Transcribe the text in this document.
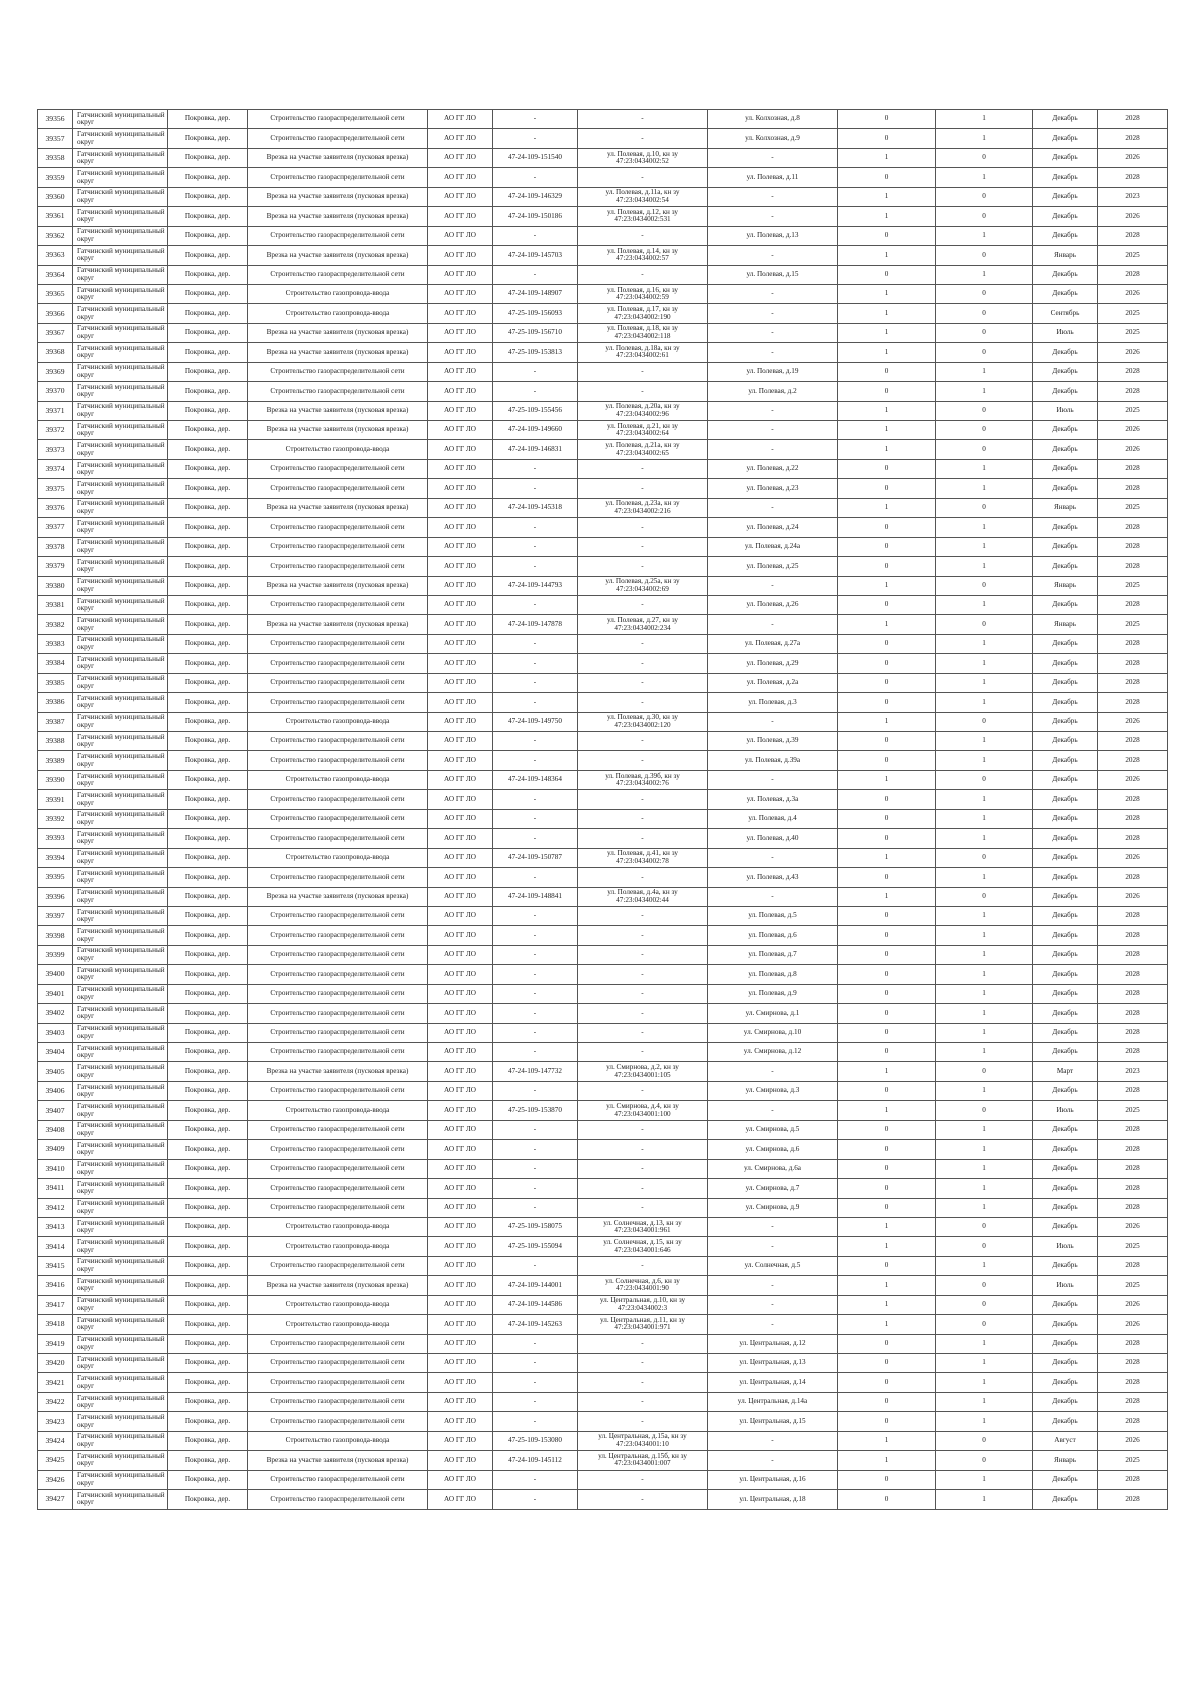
39356	Гатчинский муниципальный округ	Покровка, дер.	Строительство газораспределительной сети	АО ГГ ЛО	-	-	ул. Колхозная, д.8	0	1	Декабрь	2028
39357	Гатчинский муниципальный округ	Покровка, дер.	Строительство газораспределительной сети	АО ГГ ЛО	-	-	ул. Колхозная, д.9	0	1	Декабрь	2028
39358	Гатчинский муниципальный округ	Покровка, дер.	Врезка на участке заявителя (пусковая врезка)	АО ГГ ЛО	47-24-109-151540	ул. Полевая, д.10, кн зу
47:23:0434002:52	-	1	0	Декабрь	2026
39359	Гатчинский муниципальный округ	Покровка, дер.	Строительство газораспределительной сети	АО ГГ ЛО	-	-	ул. Полевая, д.11	0	1	Декабрь	2028
39360	Гатчинский муниципальный округ	Покровка, дер.	Врезка на участке заявителя (пусковая врезка)	АО ГГ ЛО	47-24-109-146329	ул. Полевая, д.11а, кн зу
47:23:0434002:54	-	1	0	Декабрь	2023
39361	Гатчинский муниципальный округ	Покровка, дер.	Врезка на участке заявителя (пусковая врезка)	АО ГГ ЛО	47-24-109-150186	ул. Полевая, д.12, кн зу
47:23:0434002:531	-	1	0	Декабрь	2026
39362	Гатчинский муниципальный округ	Покровка, дер.	Строительство газораспределительной сети	АО ГГ ЛО	-	-	ул. Полевая, д.13	0	1	Декабрь	2028
39363	Гатчинский муниципальный округ	Покровка, дер.	Врезка на участке заявителя (пусковая врезка)	АО ГГ ЛО	47-24-109-145703	ул. Полевая, д.14, кн зу
47:23:0434002:57	-	1	0	Январь	2025
39364	Гатчинский муниципальный округ	Покровка, дер.	Строительство газораспределительной сети	АО ГГ ЛО	-	-	ул. Полевая, д.15	0	1	Декабрь	2028
39365	Гатчинский муниципальный округ	Покровка, дер.	Строительство газопровода-ввода	АО ГГ ЛО	47-24-109-148907	ул. Полевая, д.16, кн зу
47:23:0434002:59	-	1	0	Декабрь	2026
39366	Гатчинский муниципальный округ	Покровка, дер.	Строительство газопровода-ввода	АО ГГ ЛО	47-25-109-156093	ул. Полевая, д.17, кн зу
47:23:0434002:190	-	1	0	Сентябрь	2025
39367	Гатчинский муниципальный округ	Покровка, дер.	Врезка на участке заявителя (пусковая врезка)	АО ГГ ЛО	47-25-109-156710	ул. Полевая, д.18, кн зу
47:23:0434002:118	-	1	0	Июль	2025
39368	Гатчинский муниципальный округ	Покровка, дер.	Врезка на участке заявителя (пусковая врезка)	АО ГГ ЛО	47-25-109-153813	ул. Полевая, д.18а, кн зу
47:23:0434002:61	-	1	0	Декабрь	2026
39369	Гатчинский муниципальный округ	Покровка, дер.	Строительство газораспределительной сети	АО ГГ ЛО	-	-	ул. Полевая, д.19	0	1	Декабрь	2028
39370	Гатчинский муниципальный округ	Покровка, дер.	Строительство газораспределительной сети	АО ГГ ЛО	-	-	ул. Полевая, д.2	0	1	Декабрь	2028
39371	Гатчинский муниципальный округ	Покровка, дер.	Врезка на участке заявителя (пусковая врезка)	АО ГГ ЛО	47-25-109-155456	ул. Полевая, д.20а, кн зу
47:23:0434002:96	-	1	0	Июль	2025
39372	Гатчинский муниципальный округ	Покровка, дер.	Врезка на участке заявителя (пусковая врезка)	АО ГГ ЛО	47-24-109-149660	ул. Полевая, д.21, кн зу
47:23:0434002:64	-	1	0	Декабрь	2026
39373	Гатчинский муниципальный округ	Покровка, дер.	Строительство газопровода-ввода	АО ГГ ЛО	47-24-109-146831	ул. Полевая, д.21а, кн зу
47:23:0434002:65	-	1	0	Декабрь	2026
39374	Гатчинский муниципальный округ	Покровка, дер.	Строительство газораспределительной сети	АО ГГ ЛО	-	-	ул. Полевая, д.22	0	1	Декабрь	2028
39375	Гатчинский муниципальный округ	Покровка, дер.	Строительство газораспределительной сети	АО ГГ ЛО	-	-	ул. Полевая, д.23	0	1	Декабрь	2028
39376	Гатчинский муниципальный округ	Покровка, дер.	Врезка на участке заявителя (пусковая врезка)	АО ГГ ЛО	47-24-109-145318	ул. Полевая, д.23а, кн зу
47:23:0434002:216	-	1	0	Январь	2025
39377	Гатчинский муниципальный округ	Покровка, дер.	Строительство газораспределительной сети	АО ГГ ЛО	-	-	ул. Полевая, д.24	0	1	Декабрь	2028
39378	Гатчинский муниципальный округ	Покровка, дер.	Строительство газораспределительной сети	АО ГГ ЛО	-	-	ул. Полевая, д.24а	0	1	Декабрь	2028
39379	Гатчинский муниципальный округ	Покровка, дер.	Строительство газораспределительной сети	АО ГГ ЛО	-	-	ул. Полевая, д.25	0	1	Декабрь	2028
39380	Гатчинский муниципальный округ	Покровка, дер.	Врезка на участке заявителя (пусковая врезка)	АО ГГ ЛО	47-24-109-144793	ул. Полевая, д.25а, кн зу
47:23:0434002:69	-	1	0	Январь	2025
39381	Гатчинский муниципальный округ	Покровка, дер.	Строительство газораспределительной сети	АО ГГ ЛО	-	-	ул. Полевая, д.26	0	1	Декабрь	2028
39382	Гатчинский муниципальный округ	Покровка, дер.	Врезка на участке заявителя (пусковая врезка)	АО ГГ ЛО	47-24-109-147878	ул. Полевая, д.27, кн зу
47:23:0434002:234	-	1	0	Январь	2025
39383	Гатчинский муниципальный округ	Покровка, дер.	Строительство газораспределительной сети	АО ГГ ЛО	-	-	ул. Полевая, д.27а	0	1	Декабрь	2028
39384	Гатчинский муниципальный округ	Покровка, дер.	Строительство газораспределительной сети	АО ГГ ЛО	-	-	ул. Полевая, д.29	0	1	Декабрь	2028
39385	Гатчинский муниципальный округ	Покровка, дер.	Строительство газораспределительной сети	АО ГГ ЛО	-	-	ул. Полевая, д.2а	0	1	Декабрь	2028
39386	Гатчинский муниципальный округ	Покровка, дер.	Строительство газораспределительной сети	АО ГГ ЛО	-	-	ул. Полевая, д.3	0	1	Декабрь	2028
39387	Гатчинский муниципальный округ	Покровка, дер.	Строительство газопровода-ввода	АО ГГ ЛО	47-24-109-149750	ул. Полевая, д.30, кн зу
47:23:0434002:120	-	1	0	Декабрь	2026
39388	Гатчинский муниципальный округ	Покровка, дер.	Строительство газораспределительной сети	АО ГГ ЛО	-	-	ул. Полевая, д.39	0	1	Декабрь	2028
39389	Гатчинский муниципальный округ	Покровка, дер.	Строительство газораспределительной сети	АО ГГ ЛО	-	-	ул. Полевая, д.39а	0	1	Декабрь	2028
39390	Гатчинский муниципальный округ	Покровка, дер.	Строительство газопровода-ввода	АО ГГ ЛО	47-24-109-148364	ул. Полевая, д.39б, кн зу
47:23:0434002:76	-	1	0	Декабрь	2026
39391	Гатчинский муниципальный округ	Покровка, дер.	Строительство газораспределительной сети	АО ГГ ЛО	-	-	ул. Полевая, д.3а	0	1	Декабрь	2028
39392	Гатчинский муниципальный округ	Покровка, дер.	Строительство газораспределительной сети	АО ГГ ЛО	-	-	ул. Полевая, д.4	0	1	Декабрь	2028
39393	Гатчинский муниципальный округ	Покровка, дер.	Строительство газораспределительной сети	АО ГГ ЛО	-	-	ул. Полевая, д.40	0	1	Декабрь	2028
39394	Гатчинский муниципальный округ	Покровка, дер.	Строительство газопровода-ввода	АО ГГ ЛО	47-24-109-150787	ул. Полевая, д.41, кн зу
47:23:0434002:78	-	1	0	Декабрь	2026
39395	Гатчинский муниципальный округ	Покровка, дер.	Строительство газораспределительной сети	АО ГГ ЛО	-	-	ул. Полевая, д.43	0	1	Декабрь	2028
39396	Гатчинский муниципальный округ	Покровка, дер.	Врезка на участке заявителя (пусковая врезка)	АО ГГ ЛО	47-24-109-148841	ул. Полевая, д.4а, кн зу
47:23:0434002:44	-	1	0	Декабрь	2026
39397	Гатчинский муниципальный округ	Покровка, дер.	Строительство газораспределительной сети	АО ГГ ЛО	-	-	ул. Полевая, д.5	0	1	Декабрь	2028
39398	Гатчинский муниципальный округ	Покровка, дер.	Строительство газораспределительной сети	АО ГГ ЛО	-	-	ул. Полевая, д.6	0	1	Декабрь	2028
39399	Гатчинский муниципальный округ	Покровка, дер.	Строительство газораспределительной сети	АО ГГ ЛО	-	-	ул. Полевая, д.7	0	1	Декабрь	2028
39400	Гатчинский муниципальный округ	Покровка, дер.	Строительство газораспределительной сети	АО ГГ ЛО	-	-	ул. Полевая, д.8	0	1	Декабрь	2028
39401	Гатчинский муниципальный округ	Покровка, дер.	Строительство газораспределительной сети	АО ГГ ЛО	-	-	ул. Полевая, д.9	0	1	Декабрь	2028
39402	Гатчинский муниципальный округ	Покровка, дер.	Строительство газораспределительной сети	АО ГГ ЛО	-	-	ул. Смирнова, д.1	0	1	Декабрь	2028
39403	Гатчинский муниципальный округ	Покровка, дер.	Строительство газораспределительной сети	АО ГГ ЛО	-	-	ул. Смирнова, д.10	0	1	Декабрь	2028
39404	Гатчинский муниципальный округ	Покровка, дер.	Строительство газораспределительной сети	АО ГГ ЛО	-	-	ул. Смирнова, д.12	0	1	Декабрь	2028
39405	Гатчинский муниципальный округ	Покровка, дер.	Врезка на участке заявителя (пусковая врезка)	АО ГГ ЛО	47-24-109-147732	ул. Смирнова, д.2, кн зу
47:23:0434001:105	-	1	0	Март	2023
39406	Гатчинский муниципальный округ	Покровка, дер.	Строительство газораспределительной сети	АО ГГ ЛО	-	-	ул. Смирнова, д.3	0	1	Декабрь	2028
39407	Гатчинский муниципальный округ	Покровка, дер.	Строительство газопровода-ввода	АО ГГ ЛО	47-25-109-153870	ул. Смирнова, д.4, кн зу
47:23:0434001:100	-	1	0	Июль	2025
39408	Гатчинский муниципальный округ	Покровка, дер.	Строительство газораспределительной сети	АО ГГ ЛО	-	-	ул. Смирнова, д.5	0	1	Декабрь	2028
39409	Гатчинский муниципальный округ	Покровка, дер.	Строительство газораспределительной сети	АО ГГ ЛО	-	-	ул. Смирнова, д.6	0	1	Декабрь	2028
39410	Гатчинский муниципальный округ	Покровка, дер.	Строительство газораспределительной сети	АО ГГ ЛО	-	-	ул. Смирнова, д.6а	0	1	Декабрь	2028
39411	Гатчинский муниципальный округ	Покровка, дер.	Строительство газораспределительной сети	АО ГГ ЛО	-	-	ул. Смирнова, д.7	0	1	Декабрь	2028
39412	Гатчинский муниципальный округ	Покровка, дер.	Строительство газораспределительной сети	АО ГГ ЛО	-	-	ул. Смирнова, д.9	0	1	Декабрь	2028
39413	Гатчинский муниципальный округ	Покровка, дер.	Строительство газопровода-ввода	АО ГГ ЛО	47-25-109-158075	ул. Солнечная, д.13, кн зу
47:23:0434001:961	-	1	0	Декабрь	2026
39414	Гатчинский муниципальный округ	Покровка, дер.	Строительство газопровода-ввода	АО ГГ ЛО	47-25-109-155094	ул. Солнечная, д.15, кн зу
47:23:0434001:646	-	1	0	Июль	2025
39415	Гатчинский муниципальный округ	Покровка, дер.	Строительство газораспределительной сети	АО ГГ ЛО	-	-	ул. Солнечная, д.5	0	1	Декабрь	2028
39416	Гатчинский муниципальный округ	Покровка, дер.	Врезка на участке заявителя (пусковая врезка)	АО ГГ ЛО	47-24-109-144001	ул. Солнечная, д.6, кн зу
47:23:0434001:90	-	1	0	Июль	2025
39417	Гатчинский муниципальный округ	Покровка, дер.	Строительство газопровода-ввода	АО ГГ ЛО	47-24-109-144586	ул. Центральная, д.10, кн зу
47:23:0434002:3	-	1	0	Декабрь	2026
39418	Гатчинский муниципальный округ	Покровка, дер.	Строительство газопровода-ввода	АО ГГ ЛО	47-24-109-145263	ул. Центральная, д.11, кн зу
47:23:0434001:971	-	1	0	Декабрь	2026
39419	Гатчинский муниципальный округ	Покровка, дер.	Строительство газораспределительной сети	АО ГГ ЛО	-	-	ул. Центральная, д.12	0	1	Декабрь	2028
39420	Гатчинский муниципальный округ	Покровка, дер.	Строительство газораспределительной сети	АО ГГ ЛО	-	-	ул. Центральная, д.13	0	1	Декабрь	2028
39421	Гатчинский муниципальный округ	Покровка, дер.	Строительство газораспределительной сети	АО ГГ ЛО	-	-	ул. Центральная, д.14	0	1	Декабрь	2028
39422	Гатчинский муниципальный округ	Покровка, дер.	Строительство газораспределительной сети	АО ГГ ЛО	-	-	ул. Центральная, д.14а	0	1	Декабрь	2028
39423	Гатчинский муниципальный округ	Покровка, дер.	Строительство газораспределительной сети	АО ГГ ЛО	-	-	ул. Центральная, д.15	0	1	Декабрь	2028
39424	Гатчинский муниципальный округ	Покровка, дер.	Строительство газопровода-ввода	АО ГГ ЛО	47-25-109-153080	ул. Центральная, д.15а, кн зу
47:23:0434001:10	-	1	0	Август	2026
39425	Гатчинский муниципальный округ	Покровка, дер.	Врезка на участке заявителя (пусковая врезка)	АО ГГ ЛО	47-24-109-145112	ул. Центральная, д.15б, кн зу
47:23:0434001:007	-	1	0	Январь	2025
39426	Гатчинский муниципальный округ	Покровка, дер.	Строительство газораспределительной сети	АО ГГ ЛО	-	-	ул. Центральная, д.16	0	1	Декабрь	2028
39427	Гатчинский муниципальный округ	Покровка, дер.	Строительство газораспределительной сети	АО ГГ ЛО	-	-	ул. Центральная, д.18	0	1	Декабрь	2028
